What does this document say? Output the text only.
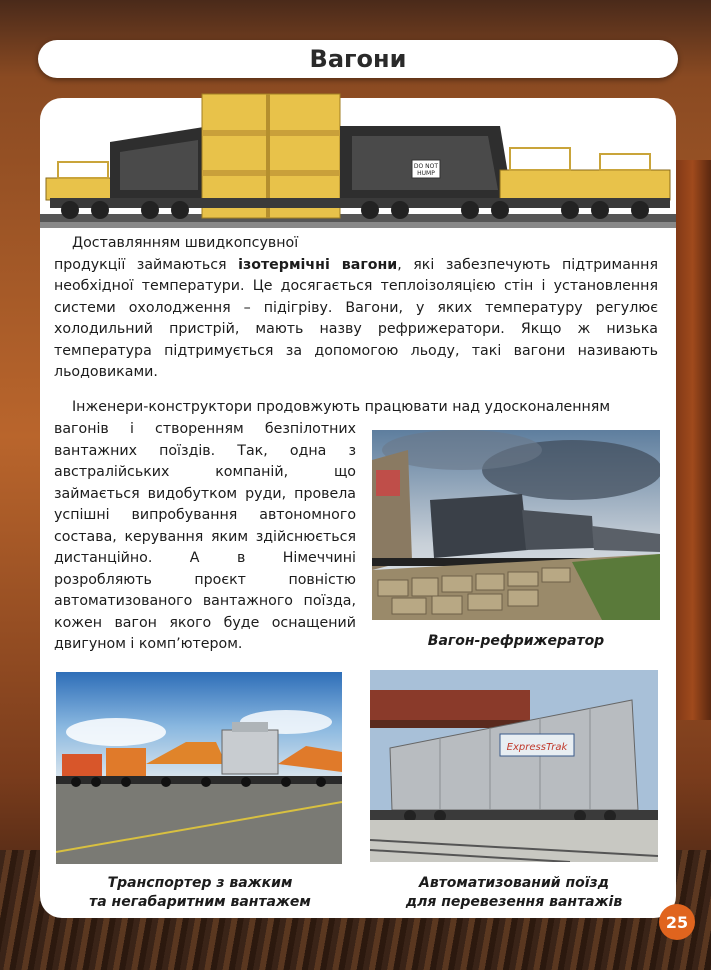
Вагони
DO NOT
HUMP
Доставлянням швидкопсувної
продукції займаються ізотермічні вагони, які забезпечують підтримання необхідної температури. Це досягається теплоізоляцією стін і установлення системи охолодження – підігріву. Вагони, у яких температуру регулює холодильний пристрій, мають назву рефрижератори. Якщо ж низька температура підтримується за допомогою льоду, такі вагони називають льодовиками.
Інженери-конструктори продовжують працювати над удосконаленням
вагонів і створенням безпілотних вантажних поїздів. Так, одна з австралійських компаній, що займається видобутком руди, провела успішні випробування автономного состава, керування яким здійснюється дистанційно. А в Німеччині розробляють проєкт повністю автоматизованого вантажного поїзда, кожен вагон якого буде оснащений двигуном і комп’ютером.	Вагон-рефрижератор
Транспортер з важким
та негабаритним вантажем
ExpressTrak
Автоматизований поїзд
для перевезення вантажів
25
